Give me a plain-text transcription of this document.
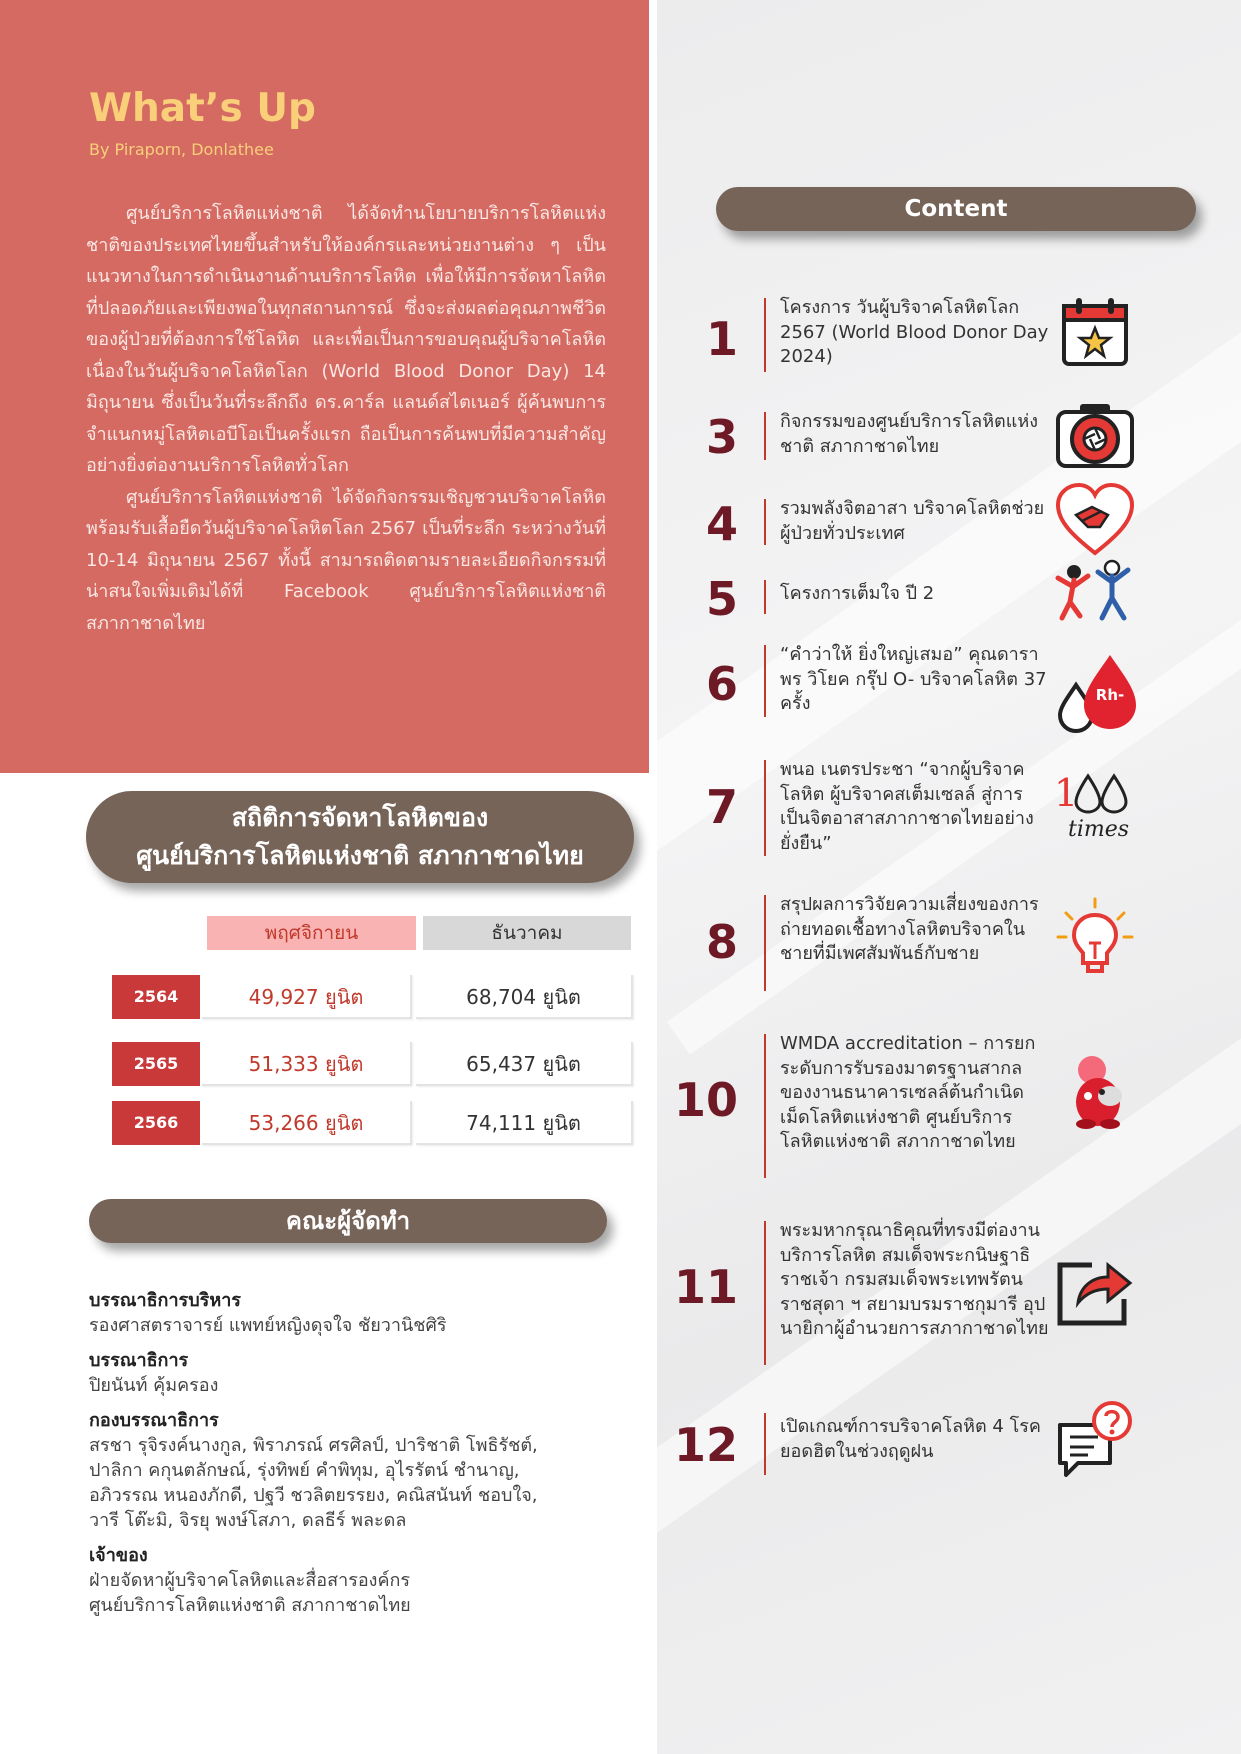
What’s Up
By Piraporn, Donlathee

ศูนย์บริการโลหิตแห่งชาติ ได้จัดทำนโยบายบริการโลหิตแห่งชาติของประเทศไทยขึ้นสำหรับให้องค์กรและหน่วยงานต่าง ๆ เป็นแนวทางในการดำเนินงานด้านบริการโลหิต เพื่อให้มีการจัดหาโลหิตที่ปลอดภัยและเพียงพอในทุกสถานการณ์ ซึ่งจะส่งผลต่อคุณภาพชีวิตของผู้ป่วยที่ต้องการใช้โลหิต และเพื่อเป็นการขอบคุณผู้บริจาคโลหิต เนื่องในวันผู้บริจาคโลหิตโลก (World Blood Donor Day) 14 มิถุนายน ซึ่งเป็นวันที่ระลึกถึง ดร.คาร์ล แลนด์สไตเนอร์ ผู้ค้นพบการจำแนกหมู่โลหิตเอบีโอเป็นครั้งแรก ถือเป็นการค้นพบที่มีความสำคัญอย่างยิ่งต่องานบริการโลหิตทั่วโลก

ศูนย์บริการโลหิตแห่งชาติ ได้จัดกิจกรรมเชิญชวนบริจาคโลหิต พร้อมรับเสื้อยืดวันผู้บริจาคโลหิตโลก 2567 เป็นที่ระลึก ระหว่างวันที่ 10-14 มิถุนายน 2567 ทั้งนี้ สามารถติดตามรายละเอียดกิจกรรมที่น่าสนใจเพิ่มเติมได้ที่ Facebook ศูนย์บริการโลหิตแห่งชาติ สภากาชาดไทย

สถิติการจัดหาโลหิตของ
ศูนย์บริการโลหิตแห่งชาติ สภากาชาดไทย
พฤศจิกายน	ธันวาคม
2564	49,927 ยูนิต	68,704 ยูนิต
2565	51,333 ยูนิต	65,437 ยูนิต
2566	53,266 ยูนิต	74,111 ยูนิต
คณะผู้จัดทำ
บรรณาธิการบริหาร
รองศาสตราจารย์ แพทย์หญิงดุจใจ ชัยวานิชศิริ
บรรณาธิการ
ปิยนันท์ คุ้มครอง
กองบรรณาธิการ
สรชา รุจิรงค์นางกูล, พิราภรณ์ ศรศิลป์, ปาริชาติ โพธิรัชต์,
ปาลิกา คกุนตลักษณ์, รุ่งทิพย์ คำพิทุม, อุไรรัตน์ ชำนาญ,
อภิวรรณ หนองภักดี, ปฐวี ชวลิตยรรยง, คณิสนันท์ ชอบใจ,
วารี โต๊ะมิ, จิรยุ พงษ์โสภา, ดลธีร์ พละดล
เจ้าของ
ฝ่ายจัดหาผู้บริจาคโลหิตและสื่อสารองค์กร
ศูนย์บริการโลหิตแห่งชาติ สภากาชาดไทย
Content
1
โครงการ วันผู้บริจาคโลหิตโลก 2567 (World Blood Donor Day 2024)
3 กิจกรรมของศูนย์บริการโลหิตแห่งชาติ สภากาชาดไทย
4 รวมพลังจิตอาสา บริจาคโลหิตช่วยผู้ป่วยทั่วประเทศ
5 โครงการเต็มใจ ปี 2
6
“คำว่าให้ ยิ่งใหญ่เสมอ” คุณดาราพร วิโยค กรุ๊ป O- บริจาคโลหิต 37 ครั้ง	Rh-
7
พนอ เนตรประชา “จากผู้บริจาคโลหิต ผู้บริจาคสเต็มเซลล์ สู่การเป็นจิตอาสาสภากาชาดไทยอย่างยั่งยืน”
1
times
8
สรุปผลการวิจัยความเสี่ยงของการถ่ายทอดเชื้อทางโลหิตบริจาคในชายที่มีเพศสัมพันธ์กับชาย
10
WMDA accreditation – การยกระดับการรับรองมาตรฐานสากลของงานธนาคารเซลล์ต้นกำเนิดเม็ดโลหิตแห่งชาติ ศูนย์บริการโลหิตแห่งชาติ สภากาชาดไทย
11
พระมหากรุณาธิคุณที่ทรงมีต่องานบริการโลหิต สมเด็จพระกนิษฐาธิราชเจ้า กรมสมเด็จพระเทพรัตนราชสุดา ฯ สยามบรมราชกุมารี อุปนายิกาผู้อำนวยการสภากาชาดไทย
12 เปิดเกณฑ์การบริจาคโลหิต 4 โรคยอดฮิตในช่วงฤดูฝน
